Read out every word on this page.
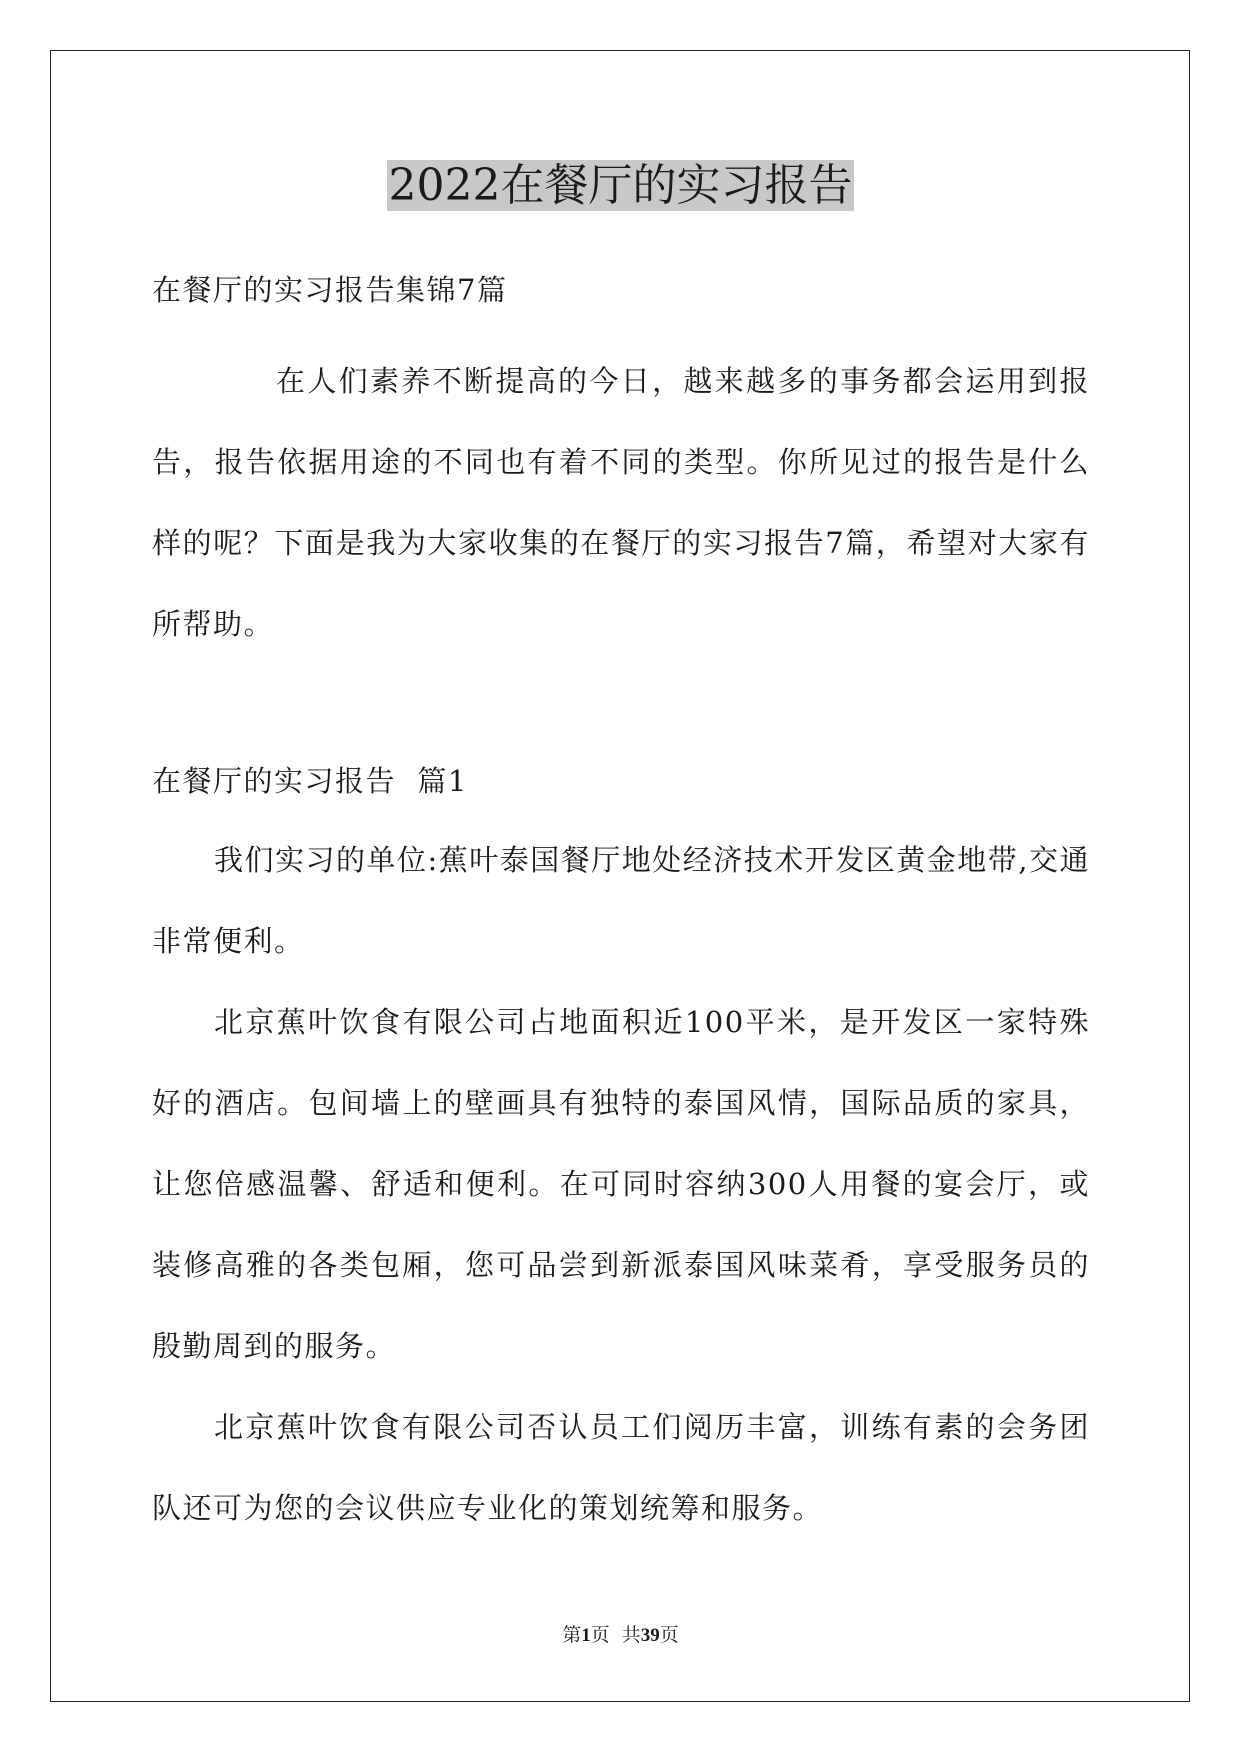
2022在餐厅的实习报告
在餐厅的实习报告集锦7篇
在人们素养不断提高的今日，越来越多的事务都会运用到报告，报告依据用途的不同也有着不同的类型。你所见过的报告是什么样的呢？下面是我为大家收集的在餐厅的实习报告7篇，希望对大家有所帮助。
在餐厅的实习报告  篇1

我们实习的单位:蕉叶泰国餐厅地处经济技术开发区黄金地带,交通非常便利。

北京蕉叶饮食有限公司占地面积近100平米，是开发区一家特殊好的酒店。包间墙上的壁画具有独特的泰国风情，国际品质的家具，让您倍感温馨、舒适和便利。在可同时容纳300人用餐的宴会厅，或装修高雅的各类包厢，您可品尝到新派泰国风味菜肴，享受服务员的殷勤周到的服务。

北京蕉叶饮食有限公司否认员工们阅历丰富，训练有素的会务团队还可为您的会议供应专业化的策划统筹和服务。

第1页  共39页
